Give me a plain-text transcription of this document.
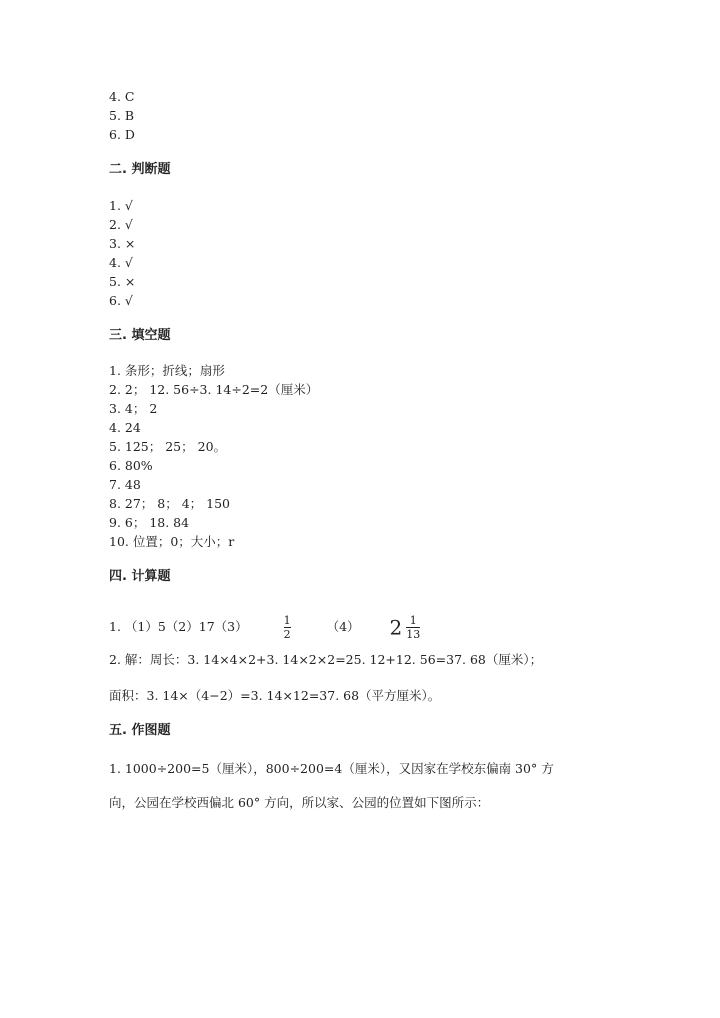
4. C
5. B
6. D
二. 判断题
1. √
2. √
3. ×
4. √
5. ×
6. √
三. 填空题
1. 条形；折线；扇形
2. 2； 12. 56÷3. 14÷2=2（厘米）
3. 4； 2
4. 24
5. 125； 25； 20。
6. 80%
7. 48
8. 27； 8； 4； 150
9. 6； 18. 84
10. 位置；0；大小；r
四. 计算题
1. （1）5（2）17（3）	$\frac{1}{2}$	（4） $2 \frac{1}{13}$
2. 解：周长：3. 14×4×2+3. 14×2×2=25. 12+12. 56=37. 68（厘米）；
面积：3. 14×（4−2）=3. 14×12=37. 68（平方厘米）。
五. 作图题
1. 1000÷200=5（厘米），800÷200=4（厘米），又因家在学校东偏南 30° 方
向，公园在学校西偏北 60° 方向，所以家、公园的位置如下图所示：
